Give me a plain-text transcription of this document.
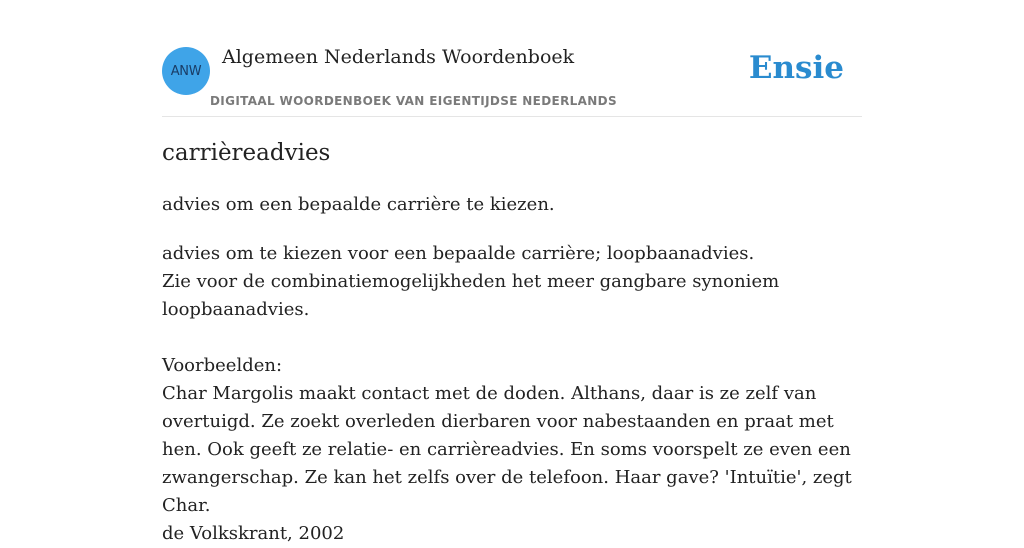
ANW
Algemeen Nederlands Woordenboek
DIGITAAL WOORDENBOEK VAN EIGENTIJDSE NEDERLANDS
Ensie
carrièreadvies

advies om een bepaalde carrière te kiezen.

advies om te kiezen voor een bepaalde carrière; loopbaanadvies.

Zie voor de combinatiemogelijkheden het meer gangbare synoniem loopbaanadvies.

Voorbeelden:

Char Margolis maakt contact met de doden. Althans, daar is ze zelf van overtuigd. Ze zoekt overleden dierbaren voor nabestaanden en praat met hen. Ook geeft ze relatie- en carrièreadvies. En soms voorspelt ze even een zwangerschap. Ze kan het zelfs over de telefoon. Haar gave? 'Intuïtie', zegt Char.

de Volkskrant, 2002
